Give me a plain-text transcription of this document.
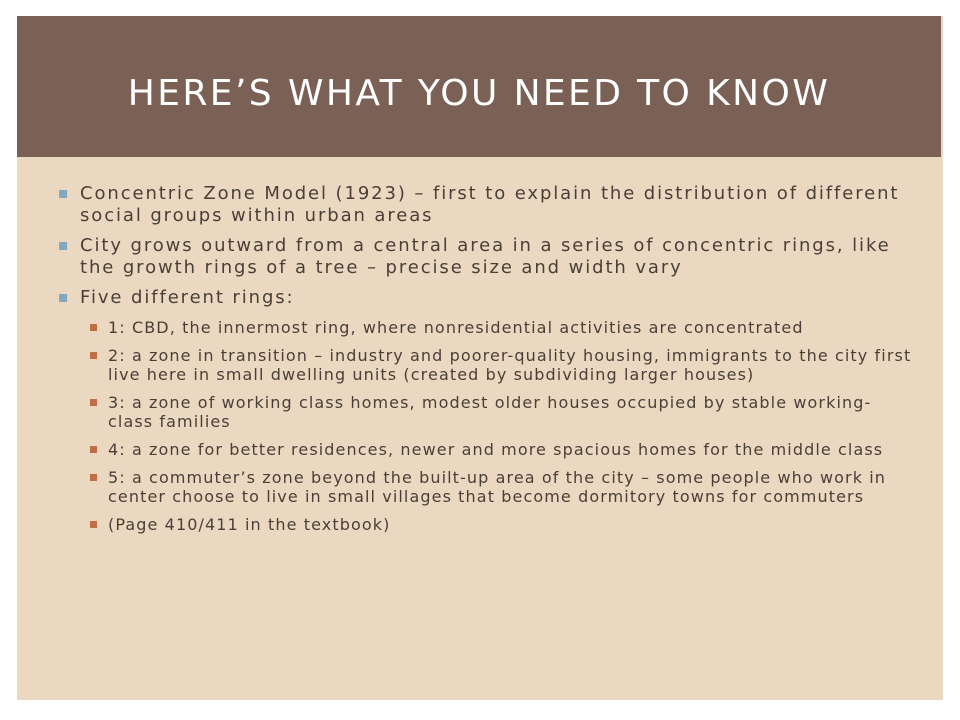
HERE’S WHAT YOU NEED TO KNOW
Concentric Zone Model (1923) – first to explain the distribution of different social groups within urban areas
City grows outward from a central area in a series of concentric rings, like the growth rings of a tree – precise size and width vary
Five different rings:
1: CBD, the innermost ring, where nonresidential activities are concentrated
2: a zone in transition – industry and poorer-quality housing, immigrants to the city first live here in small dwelling units (created by subdividing larger houses)
3: a zone of working class homes, modest older houses occupied by stable working-class families
4: a zone for better residences, newer and more spacious homes for the middle class
5: a commuter’s zone beyond the built-up area of the city – some people who work in center choose to live in small villages that become dormitory towns for commuters
(Page 410/411 in the textbook)
